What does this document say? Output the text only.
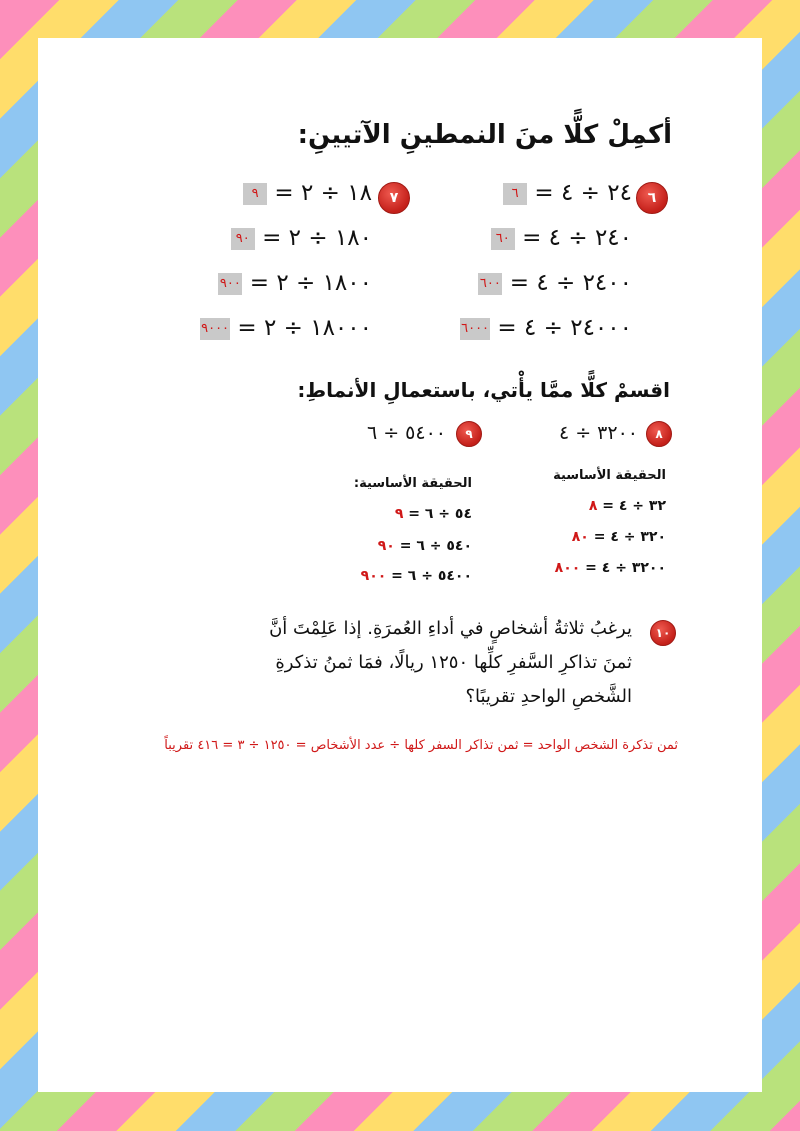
أكمِلْ كلًّا منَ النمطينِ الآتيينِ:
٦
٢٤ ÷ ٤ = ٦
٢٤٠ ÷ ٤ = ٦٠
٢٤٠٠ ÷ ٤ = ٦٠٠
٢٤٠٠٠ ÷ ٤ = ٦٠٠٠
٧
١٨ ÷ ٢ = ٩
١٨٠ ÷ ٢ = ٩٠
١٨٠٠ ÷ ٢ = ٩٠٠
١٨٠٠٠ ÷ ٢ = ٩٠٠٠
اقسمْ كلًّا ممَّا يأْتي، باستعمالِ الأنماطِ:
٨
٣٢٠٠ ÷ ٤
الحقيقة الأساسية
٣٢ ÷ ٤ = ٨
٣٢٠ ÷ ٤ = ٨٠
٣٢٠٠ ÷ ٤ = ٨٠٠
٩
٥٤٠٠ ÷ ٦
الحقيقة الأساسية:
٥٤ ÷ ٦ = ٩
٥٤٠ ÷ ٦ = ٩٠
٥٤٠٠ ÷ ٦ = ٩٠٠
١٠
يرغبُ ثلاثةُ أشخاصٍ في أداءِ العُمرَةِ. إذا عَلِمْتَ أنَّ
ثمنَ تذاكرِ السَّفرِ كلِّها ١٢٥٠ ريالًا، فمَا ثمنُ تذكرةِ
الشَّخصِ الواحدِ تقريبًا؟
ثمن تذكرة الشخص الواحد = ثمن تذاكر السفر كلها ÷ عدد الأشخاص = ١٢٥٠ ÷ ٣ = ٤١٦ تقريباً
